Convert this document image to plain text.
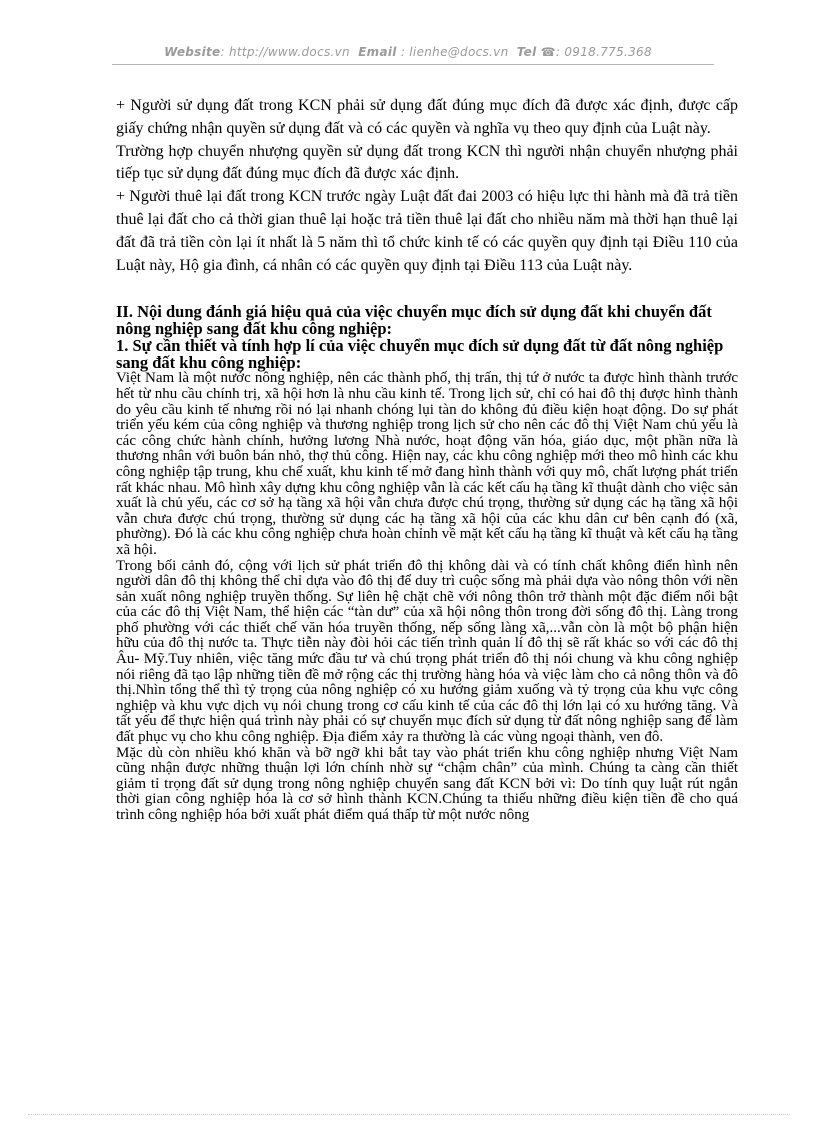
Website: http://www.docs.vn Email : lienhe@docs.vn Tel ☎: 0918.775.368

+ Người sử dụng đất trong KCN phải sử dụng đất đúng mục đích đã được xác định, được cấp giấy chứng nhận quyền sử dụng đất và có các quyền và nghĩa vụ theo quy định của Luật này.

Trường hợp chuyển nhượng quyền sử dụng đất trong KCN thì người nhận chuyển nhượng phải tiếp tục sử dụng đất đúng mục đích đã được xác định.

+ Người thuê lại đất trong KCN trước ngày Luật đất đai 2003 có hiệu lực thi hành mà đã trả tiền thuê lại đất cho cả thời gian thuê lại hoặc trả tiền thuê lại đất cho nhiều năm mà thời hạn thuê lại đất đã trả tiền còn lại ít nhất là 5 năm thì tổ chức kinh tế có các quyền quy định tại Điều 110 của Luật này, Hộ gia đình, cá nhân có các quyền quy định tại Điều 113 của Luật này.

II. Nội dung đánh giá hiệu quả của việc chuyển mục đích sử dụng đất khi chuyển đất nông nghiệp sang đất khu công nghiệp:

1. Sự cần thiết và tính hợp lí của việc chuyển mục đích sử dụng đất từ đất nông nghiệp sang đất khu công nghiệp:

Việt Nam là một nước nông nghiệp, nên các thành phố, thị trấn, thị tứ ở nước ta được hình thành trước hết từ nhu cầu chính trị, xã hội hơn là nhu cầu kinh tế. Trong lịch sử, chỉ có hai đô thị được hình thành do yêu cầu kinh tế nhưng rồi nó lại nhanh chóng lụi tàn do không đủ điều kiện hoạt động. Do sự phát triển yếu kém của công nghiệp và thương nghiệp trong lịch sử cho nên các đô thị Việt Nam chủ yếu là các công chức hành chính, hưởng lương Nhà nước, hoạt động văn hóa, giáo dục, một phần nữa là thương nhân với buôn bán nhỏ, thợ thủ công. Hiện nay, các khu công nghiệp mới theo mô hình các khu công nghiệp tập trung, khu chế xuất, khu kinh tế mở đang hình thành với quy mô, chất lượng phát triển rất khác nhau. Mô hình xây dựng khu công nghiệp vẫn là các kết cấu hạ tầng kĩ thuật dành cho việc sản xuất là chủ yếu, các cơ sở hạ tầng xã hội vẫn chưa được chú trọng, thường sử dụng các hạ tầng xã hội vẫn chưa được chú trọng, thường sử dụng các hạ tầng xã hội của các khu dân cư bên cạnh đó (xã, phường). Đó là các khu công nghiệp chưa hoàn chỉnh về mặt kết cấu hạ tầng kĩ thuật và kết cấu hạ tầng xã hội.

Trong bối cảnh đó, cộng với lịch sử phát triển đô thị không dài và có tính chất không điển hình nên người dân đô thị không thể chỉ dựa vào đô thị để duy trì cuộc sống mà phải dựa vào nông thôn với nền sản xuất nông nghiệp truyền thống. Sự liên hệ chặt chẽ với nông thôn trở thành một đặc điểm nổi bật của các đô thị Việt Nam, thể hiện các “tàn dư” của xã hội nông thôn trong đời sống đô thị. Làng trong phố phường với các thiết chế văn hóa truyền thống, nếp sống làng xã,...vẫn còn là một bộ phận hiện hữu của đô thị nước ta. Thực tiễn này đòi hỏi các tiến trình quản lí đô thị sẽ rất khác so với các đô thị Âu- Mỹ.Tuy nhiên, việc tăng mức đầu tư và chú trọng phát triển đô thị nói chung và khu công nghiệp nói riêng đã tạo lập những tiền đề mở rộng các thị trường hàng hóa và việc làm cho cả nông thôn và đô thị.Nhìn tổng thể thì tỷ trọng của nông nghiệp có xu hướng giảm xuống và tỷ trọng của khu vực công nghiệp và khu vực dịch vụ nói chung trong cơ cấu kinh tế của các đô thị lớn lại có xu hướng tăng. Và tất yếu để thực hiện quá trình này phải có sự chuyển mục đích sử dụng từ đất nông nghiệp sang để làm đất phục vụ cho khu công nghiệp. Địa điểm xảy ra thường là các vùng ngoại thành, ven đô.

Mặc dù còn nhiều khó khăn và bỡ ngỡ khi bắt tay vào phát triển khu công nghiệp nhưng Việt Nam cũng nhận được những thuận lợi lớn chính nhờ sự “chậm chân” của mình. Chúng ta càng cần thiết giảm tỉ trọng đất sử dụng trong nông nghiệp chuyển sang đất KCN bởi vì: Do tính quy luật rút ngắn thời gian công nghiệp hóa là cơ sở hình thành KCN.Chúng ta thiếu những điều kiện tiền đề cho quá trình công nghiệp hóa bởi xuất phát điểm quá thấp từ một nước nông
